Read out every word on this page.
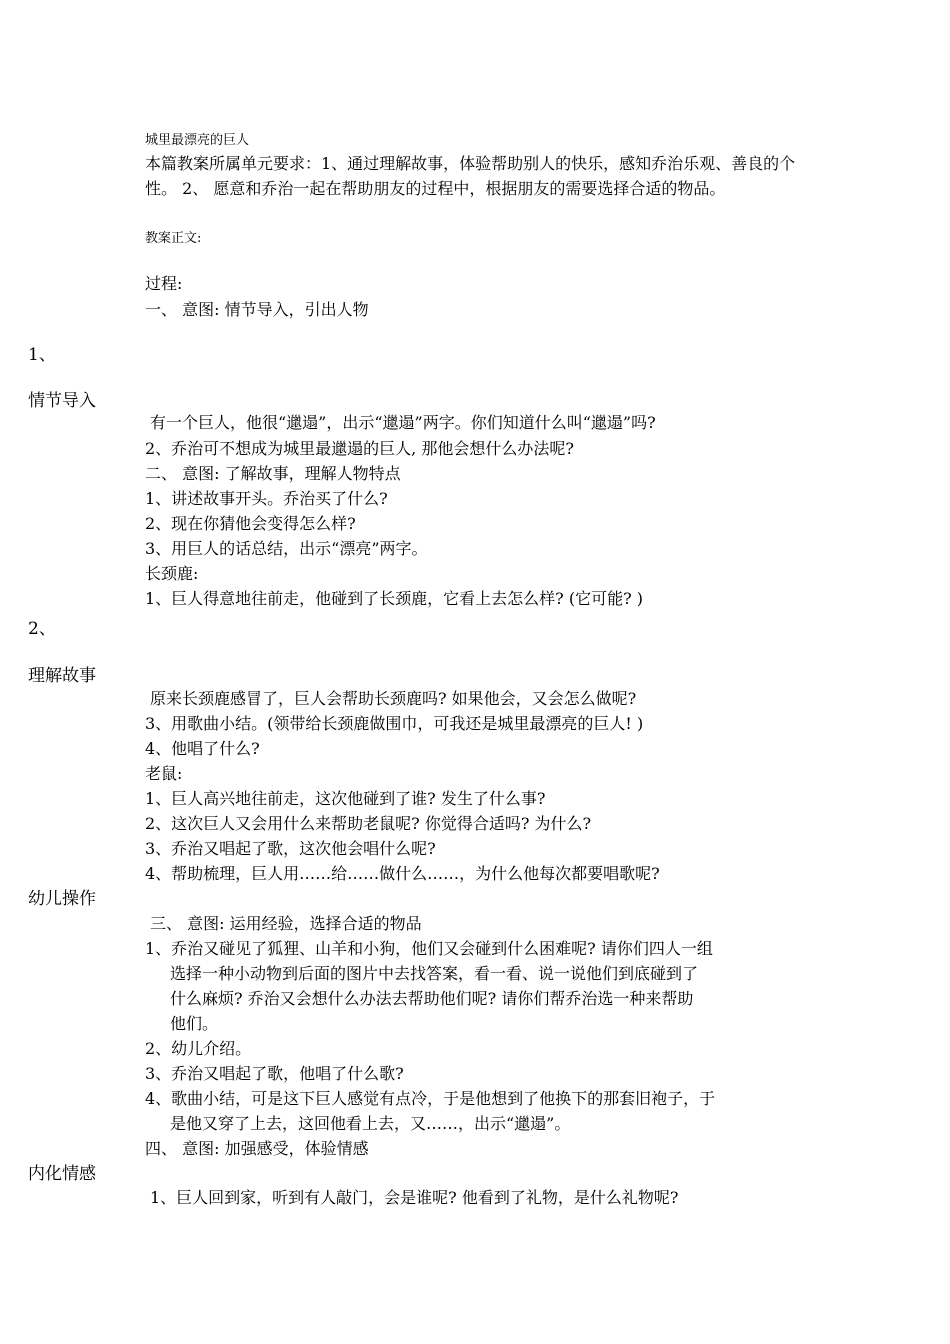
城里最漂亮的巨人
本篇教案所属单元要求：1、通过理解故事，体验帮助别人的快乐，感知乔治乐观、善良的个
性。 2、 愿意和乔治一起在帮助朋友的过程中，根据朋友的需要选择合适的物品。
教案正文:
过程:
一、 意图: 情节导入，引出人物
1、
情节导入
有一个巨人，他很“邋遢”，出示“邋遢”两字。你们知道什么叫“邋遢”吗?
2、乔治可不想成为城里最邋遢的巨人, 那他会想什么办法呢?
二、 意图: 了解故事，理解人物特点
1、讲述故事开头。乔治买了什么?
2、现在你猜他会变得怎么样?
3、用巨人的话总结，出示“漂亮”两字。
长颈鹿:
1、巨人得意地往前走，他碰到了长颈鹿，它看上去怎么样? (它可能? )
2、
理解故事
原来长颈鹿感冒了，巨人会帮助长颈鹿吗? 如果他会，又会怎么做呢?
3、用歌曲小结。(领带给长颈鹿做围巾，可我还是城里最漂亮的巨人! )
4、他唱了什么?
老鼠:
1、巨人高兴地往前走，这次他碰到了谁? 发生了什么事?
2、这次巨人又会用什么来帮助老鼠呢? 你觉得合适吗? 为什么?
3、乔治又唱起了歌，这次他会唱什么呢?
4、帮助梳理，巨人用……给……做什么……，为什么他每次都要唱歌呢?
幼儿操作
三、 意图: 运用经验，选择合适的物品
1、乔治又碰见了狐狸、山羊和小狗，他们又会碰到什么困难呢? 请你们四人一组
选择一种小动物到后面的图片中去找答案，看一看、说一说他们到底碰到了
什么麻烦? 乔治又会想什么办法去帮助他们呢? 请你们帮乔治选一种来帮助
他们。
2、幼儿介绍。
3、乔治又唱起了歌，他唱了什么歌?
4、歌曲小结，可是这下巨人感觉有点冷，于是他想到了他换下的那套旧袍子，于
是他又穿了上去，这回他看上去，又……，出示“邋遢”。
四、 意图: 加强感受，体验情感
内化情感
1、巨人回到家，听到有人敲门，会是谁呢? 他看到了礼物，是什么礼物呢?
